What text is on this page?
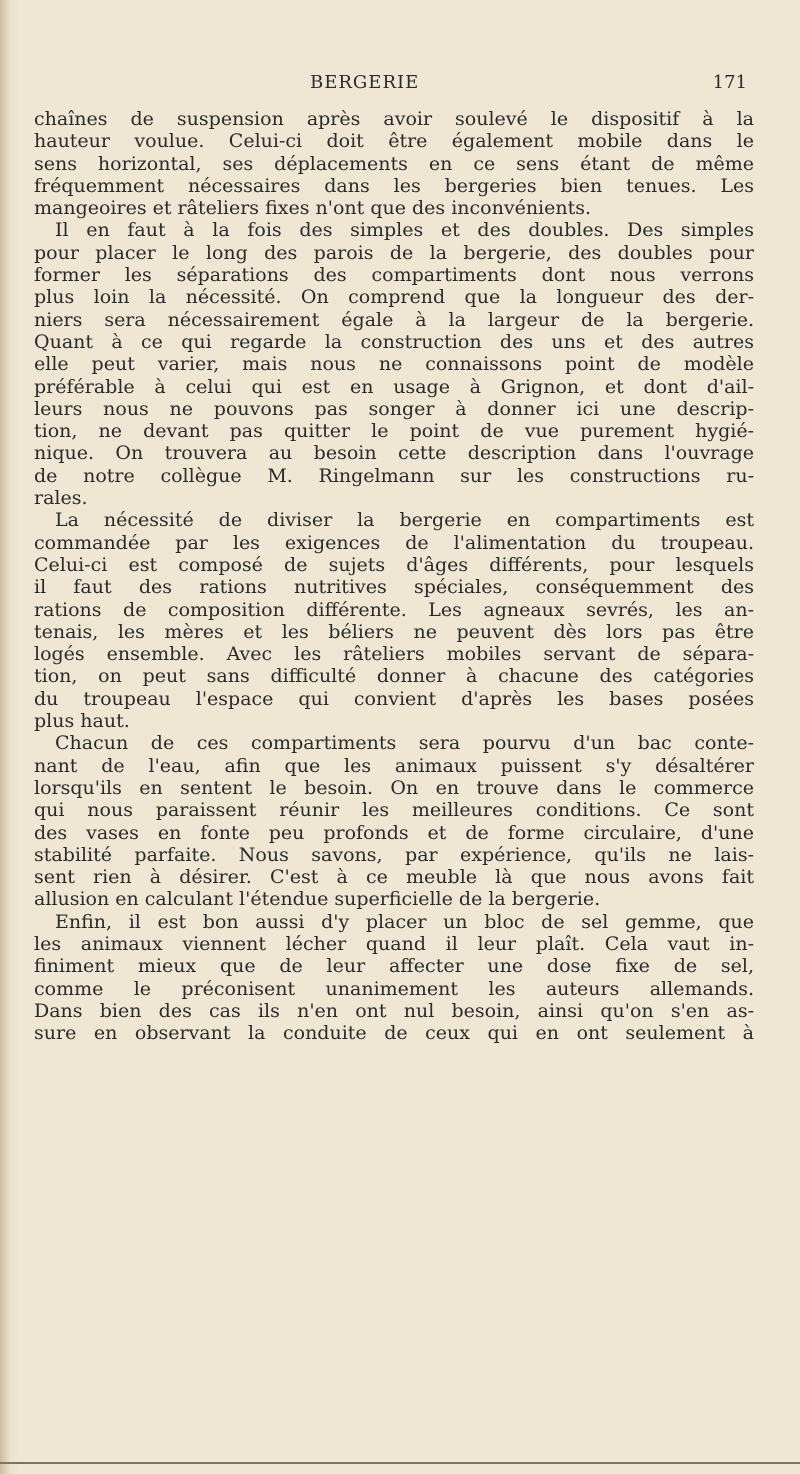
BERGERIE	171
chaînes de suspension après avoir soulevé le dispositif à la
hauteur voulue. Celui-ci doit être également mobile dans le
sens horizontal, ses déplacements en ce sens étant de même
fréquemment nécessaires dans les bergeries bien tenues. Les
mangeoires et râteliers fixes n'ont que des inconvénients.
Il en faut à la fois des simples et des doubles. Des simples
pour placer le long des parois de la bergerie, des doubles pour
former les séparations des compartiments dont nous verrons
plus loin la nécessité. On comprend que la longueur des der-
niers sera nécessairement égale à la largeur de la bergerie.
Quant à ce qui regarde la construction des uns et des autres
elle peut varier, mais nous ne connaissons point de modèle
préférable à celui qui est en usage à Grignon, et dont d'ail-
leurs nous ne pouvons pas songer à donner ici une descrip-
tion, ne devant pas quitter le point de vue purement hygié-
nique. On trouvera au besoin cette description dans l'ouvrage
de notre collègue M. Ringelmann sur les constructions ru-
rales.
La nécessité de diviser la bergerie en compartiments est
commandée par les exigences de l'alimentation du troupeau.
Celui-ci est composé de sujets d'âges différents, pour lesquels
il faut des rations nutritives spéciales, conséquemment des
rations de composition différente. Les agneaux sevrés, les an-
tenais, les mères et les béliers ne peuvent dès lors pas être
logés ensemble. Avec les râteliers mobiles servant de sépara-
tion, on peut sans difficulté donner à chacune des catégories
du troupeau l'espace qui convient d'après les bases posées
plus haut.
Chacun de ces compartiments sera pourvu d'un bac conte-
nant de l'eau, afin que les animaux puissent s'y désaltérer
lorsqu'ils en sentent le besoin. On en trouve dans le commerce
qui nous paraissent réunir les meilleures conditions. Ce sont
des vases en fonte peu profonds et de forme circulaire, d'une
stabilité parfaite. Nous savons, par expérience, qu'ils ne lais-
sent rien à désirer. C'est à ce meuble là que nous avons fait
allusion en calculant l'étendue superficielle de la bergerie.
Enfin, il est bon aussi d'y placer un bloc de sel gemme, que
les animaux viennent lécher quand il leur plaît. Cela vaut in-
finiment mieux que de leur affecter une dose fixe de sel,
comme le préconisent unanimement les auteurs allemands.
Dans bien des cas ils n'en ont nul besoin, ainsi qu'on s'en as-
sure en observant la conduite de ceux qui en ont seulement à
